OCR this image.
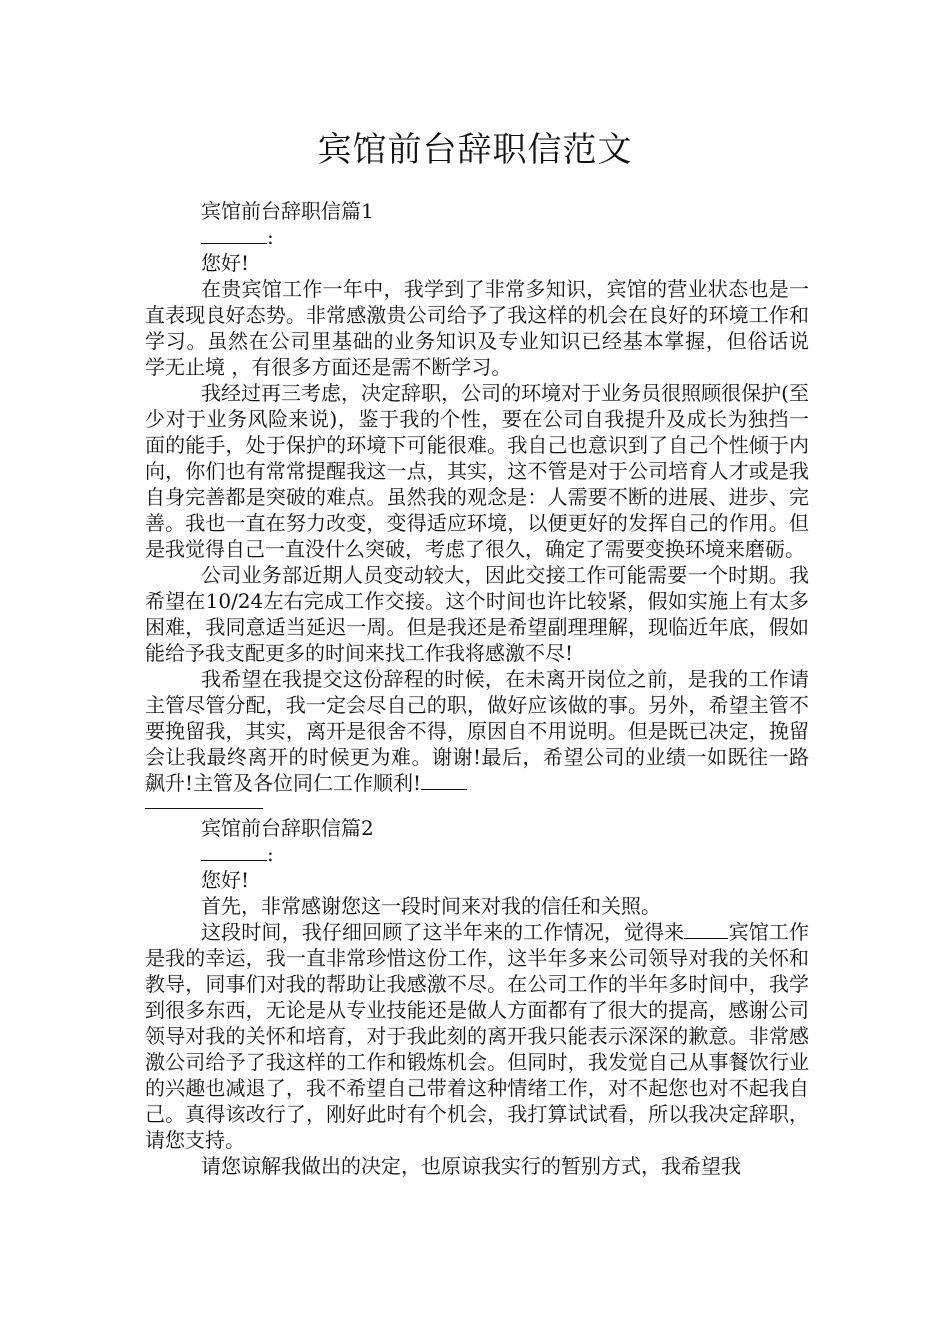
宾馆前台辞职信范文

宾馆前台辞职信篇1

:

您好!

在贵宾馆工作一年中，我学到了非常多知识，宾馆的营业状态也是一直表现良好态势。非常感激贵公司给予了我这样的机会在良好的环境工作和学习。虽然在公司里基础的业务知识及专业知识已经基本掌握，但俗话说 学无止境 ，有很多方面还是需不断学习。

我经过再三考虑，决定辞职，公司的环境对于业务员很照顾很保护(至少对于业务风险来说)，鉴于我的个性，要在公司自我提升及成长为独挡一面的能手，处于保护的环境下可能很难。我自己也意识到了自己个性倾于内向，你们也有常常提醒我这一点，其实，这不管是对于公司培育人才或是我自身完善都是突破的难点。虽然我的观念是：人需要不断的进展、进步、完善。我也一直在努力改变，变得适应环境，以便更好的发挥自己的作用。但是我觉得自己一直没什么突破，考虑了很久，确定了需要变换环境来磨砺。

公司业务部近期人员变动较大，因此交接工作可能需要一个时期。我希望在10/24左右完成工作交接。这个时间也许比较紧，假如实施上有太多困难，我同意适当延迟一周。但是我还是希望副理理解，现临近年底，假如能给予我支配更多的时间来找工作我将感激不尽!

我希望在我提交这份辞程的时候，在未离开岗位之前，是我的工作请主管尽管分配，我一定会尽自己的职，做好应该做的事。另外，希望主管不要挽留我，其实，离开是很舍不得，原因自不用说明。但是既已决定，挽留会让我最终离开的时候更为难。谢谢!最后，希望公司的业绩一如既往一路飙升!主管及各位同仁工作顺利!

宾馆前台辞职信篇2

:

您好!

首先，非常感谢您这一段时间来对我的信任和关照。

这段时间，我仔细回顾了这半年来的工作情况，觉得来 宾馆工作是我的幸运，我一直非常珍惜这份工作，这半年多来公司领导对我的关怀和教导，同事们对我的帮助让我感激不尽。在公司工作的半年多时间中，我学到很多东西，无论是从专业技能还是做人方面都有了很大的提高，感谢公司领导对我的关怀和培育，对于我此刻的离开我只能表示深深的歉意。非常感激公司给予了我这样的工作和锻炼机会。但同时，我发觉自己从事餐饮行业的兴趣也减退了，我不希望自己带着这种情绪工作，对不起您也对不起我自己。真得该改行了，刚好此时有个机会，我打算试试看，所以我决定辞职，请您支持。

请您谅解我做出的决定，也原谅我实行的暂别方式，我希望我
